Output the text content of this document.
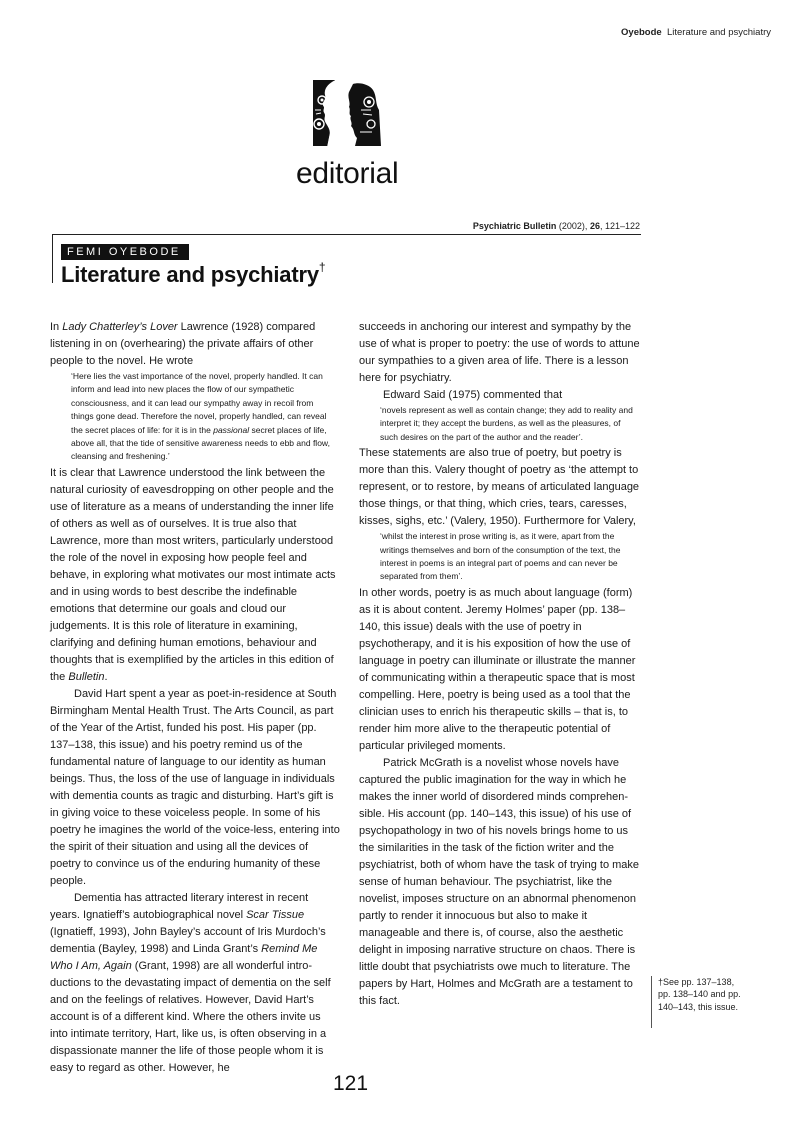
Oyebode Literature and psychiatry
editorial
Psychiatric Bulletin (2002), 26, 121–122
FEMI OYEBODE
Literature and psychiatry†

In Lady Chatterley’s Lover Lawrence (1928) compared listening in on (overhearing) the private affairs of other people to the novel. He wrote

‘Here lies the vast importance of the novel, properly handled. It can inform and lead into new places the flow of our sympathetic consciousness, and it can lead our sympathy away in recoil from things gone dead. Therefore the novel, properly handled, can reveal the secret places of life: for it is in the passional secret places of life, above all, that the tide of sensitive awareness needs to ebb and flow, cleansing and freshening.’

It is clear that Lawrence understood the link between the natural curiosity of eavesdropping on other people and the use of literature as a means of understanding the inner life of others as well as of ourselves. It is true also that Lawrence, more than most writers, particularly understood the role of the novel in exposing how people feel and behave, in exploring what motivates our most intimate acts and in using words to best describe the indefinable emotions that determine our goals and cloud our judgements. It is this role of literature in examining, clarifying and defining human emotions, behaviour and thoughts that is exemplified by the articles in this edition of the Bulletin.

David Hart spent a year as poet-in-residence at South Birmingham Mental Health Trust. The Arts Council, as part of the Year of the Artist, funded his post. His paper (pp. 137–138, this issue) and his poetry remind us of the fundamental nature of language to our identity as human beings. Thus, the loss of the use of language in individuals with dementia counts as tragic and disturbing. Hart’s gift is in giving voice to these voiceless people. In some of his poetry he imagines the world of the voice-less, entering into the spirit of their situation and using all the devices of poetry to convince us of the enduring humanity of these people.

Dementia has attracted literary interest in recent years. Ignatieff’s autobiographical novel Scar Tissue (Ignatieff, 1993), John Bayley’s account of Iris Murdoch’s dementia (Bayley, 1998) and Linda Grant’s Remind Me Who I Am, Again (Grant, 1998) are all wonderful intro-ductions to the devastating impact of dementia on the self and on the feelings of relatives. However, David Hart’s account is of a different kind. Where the others invite us into intimate territory, Hart, like us, is often observing in a dispassionate manner the life of those people whom it is easy to regard as other. However, he

succeeds in anchoring our interest and sympathy by the use of what is proper to poetry: the use of words to attune our sympathies to a given area of life. There is a lesson here for psychiatry.

Edward Said (1975) commented that

‘novels represent as well as contain change; they add to reality and interpret it; they accept the burdens, as well as the pleasures, of such desires on the part of the author and the reader’.

These statements are also true of poetry, but poetry is more than this. Valery thought of poetry as ‘the attempt to represent, or to restore, by means of articulated language those things, or that thing, which cries, tears, caresses, kisses, sighs, etc.’ (Valery, 1950). Furthermore for Valery,

‘whilst the interest in prose writing is, as it were, apart from the writings themselves and born of the consumption of the text, the interest in poems is an integral part of poems and can never be separated from them’.

In other words, poetry is as much about language (form) as it is about content. Jeremy Holmes’ paper (pp. 138–140, this issue) deals with the use of poetry in psychotherapy, and it is his exposition of how the use of language in poetry can illuminate or illustrate the manner of communicating within a therapeutic space that is most compelling. Here, poetry is being used as a tool that the clinician uses to enrich his therapeutic skills – that is, to render him more alive to the therapeutic potential of particular privileged moments.

Patrick McGrath is a novelist whose novels have captured the public imagination for the way in which he makes the inner world of disordered minds comprehen-sible. His account (pp. 140–143, this issue) of his use of psychopathology in two of his novels brings home to us the similarities in the task of the fiction writer and the psychiatrist, both of whom have the task of trying to make sense of human behaviour. The psychiatrist, like the novelist, imposes structure on an abnormal phenomenon partly to render it innocuous but also to make it manageable and there is, of course, also the aesthetic delight in imposing narrative structure on chaos. There is little doubt that psychiatrists owe much to literature. The papers by Hart, Holmes and McGrath are a testament to this fact.

†See pp. 137–138, pp. 138–140 and pp. 140–143, this issue.
121
